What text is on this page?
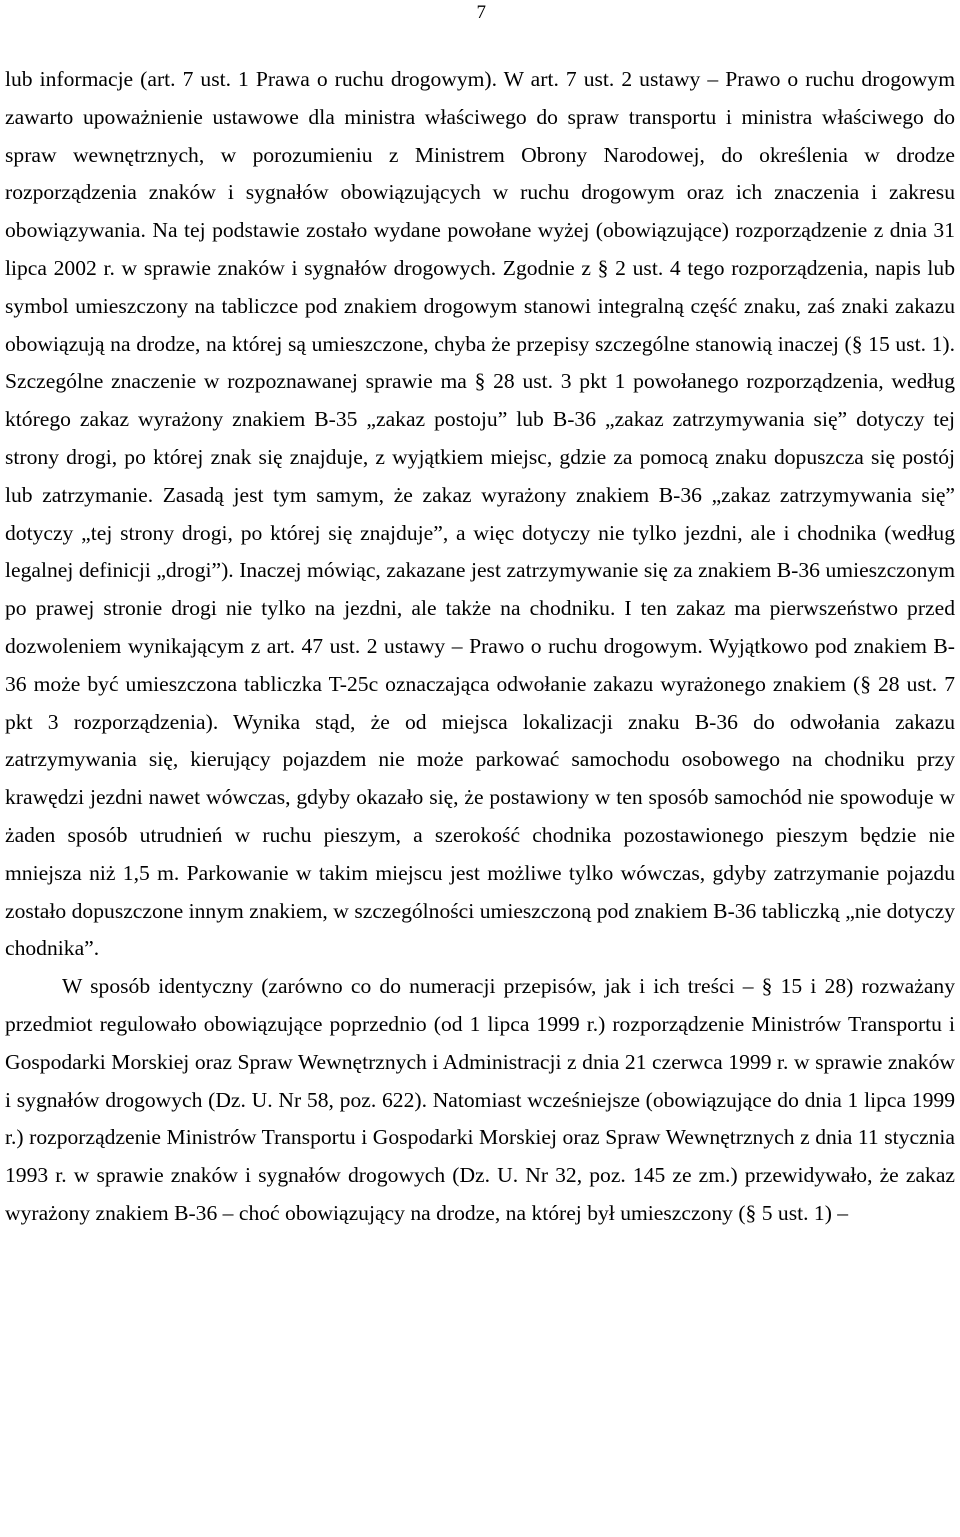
7

lub informacje (art. 7 ust. 1 Prawa o ruchu drogowym). W art. 7 ust. 2 ustawy – Prawo o ruchu drogowym zawarto upoważnienie ustawowe dla ministra właściwego do spraw transportu i ministra właściwego do spraw wewnętrznych, w porozumieniu z Ministrem Obrony Narodowej, do określenia w drodze rozporządzenia znaków i sygnałów obowiązujących w ruchu drogowym oraz ich znaczenia i zakresu obowiązywania. Na tej podstawie zostało wydane powołane wyżej (obowiązujące) rozporządzenie z dnia 31 lipca 2002 r. w sprawie znaków i sygnałów drogowych. Zgodnie z § 2 ust. 4 tego rozporządzenia, napis lub symbol umieszczony na tabliczce pod znakiem drogowym stanowi integralną część znaku, zaś znaki zakazu obowiązują na drodze, na której są umieszczone, chyba że przepisy szczególne stanowią inaczej (§ 15 ust. 1). Szczególne znaczenie w rozpoznawanej sprawie ma § 28 ust. 3 pkt 1 powołanego rozporządzenia, według którego zakaz wyrażony znakiem B-35 „zakaz postoju” lub B-36 „zakaz zatrzymywania się” dotyczy tej strony drogi, po której znak się znajduje, z wyjątkiem miejsc, gdzie za pomocą znaku dopuszcza się postój lub zatrzymanie. Zasadą jest tym samym, że zakaz wyrażony znakiem B-36 „zakaz zatrzymywania się” dotyczy „tej strony drogi, po której się znajduje”, a więc dotyczy nie tylko jezdni, ale i chodnika (według legalnej definicji „drogi”). Inaczej mówiąc, zakazane jest zatrzymywanie się za znakiem B-36 umieszczonym po prawej stronie drogi nie tylko na jezdni, ale także na chodniku. I ten zakaz ma pierwszeństwo przed dozwoleniem wynikającym z art. 47 ust. 2 ustawy – Prawo o ruchu drogowym. Wyjątkowo pod znakiem B-36 może być umieszczona tabliczka T-25c oznaczająca odwołanie zakazu wyrażonego znakiem (§ 28 ust. 7 pkt 3 rozporządzenia). Wynika stąd, że od miejsca lokalizacji znaku B-36 do odwołania zakazu zatrzymywania się, kierujący pojazdem nie może parkować samochodu osobowego na chodniku przy krawędzi jezdni nawet wówczas, gdyby okazało się, że postawiony w ten sposób samochód nie spowoduje w żaden sposób utrudnień w ruchu pieszym, a szerokość chodnika pozostawionego pieszym będzie nie mniejsza niż 1,5 m. Parkowanie w takim miejscu jest możliwe tylko wówczas, gdyby zatrzymanie pojazdu zostało dopuszczone innym znakiem, w szczególności umieszczoną pod znakiem B-36 tabliczką „nie dotyczy chodnika”.

W sposób identyczny (zarówno co do numeracji przepisów, jak i ich treści – § 15 i 28) rozważany przedmiot regulowało obowiązujące poprzednio (od 1 lipca 1999 r.) rozporządzenie Ministrów Transportu i Gospodarki Morskiej oraz Spraw Wewnętrznych i Administracji z dnia 21 czerwca 1999 r. w sprawie znaków i sygnałów drogowych (Dz. U. Nr 58, poz. 622). Natomiast wcześniejsze (obowiązujące do dnia 1 lipca 1999 r.) rozporządzenie Ministrów Transportu i Gospodarki Morskiej oraz Spraw Wewnętrznych z dnia 11 stycznia 1993 r. w sprawie znaków i sygnałów drogowych (Dz. U. Nr 32, poz. 145 ze zm.) przewidywało, że zakaz wyrażony znakiem B-36 – choć obowiązujący na drodze, na której był umieszczony (§ 5 ust. 1) –
